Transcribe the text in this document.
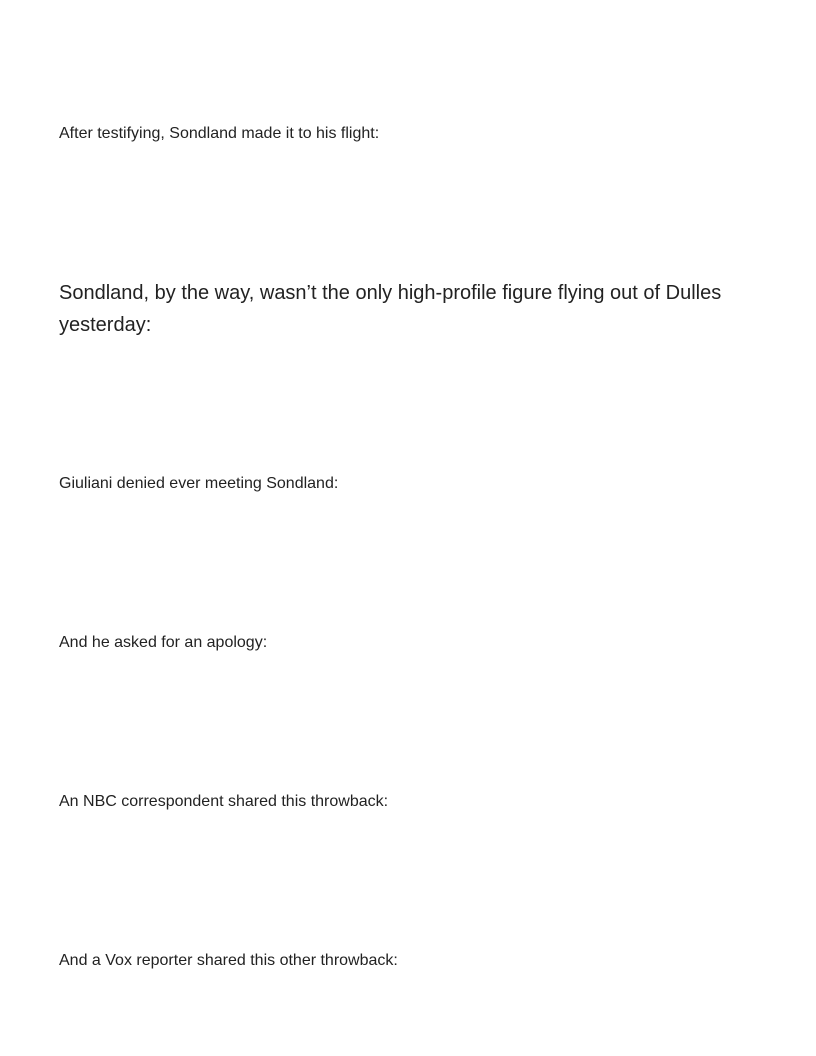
After testifying, Sondland made it to his flight:

Sondland, by the way, wasn’t the only high-profile figure flying out of Dulles yesterday:

Giuliani denied ever meeting Sondland:

And he asked for an apology:

An NBC correspondent shared this throwback:

And a Vox reporter shared this other throwback:
